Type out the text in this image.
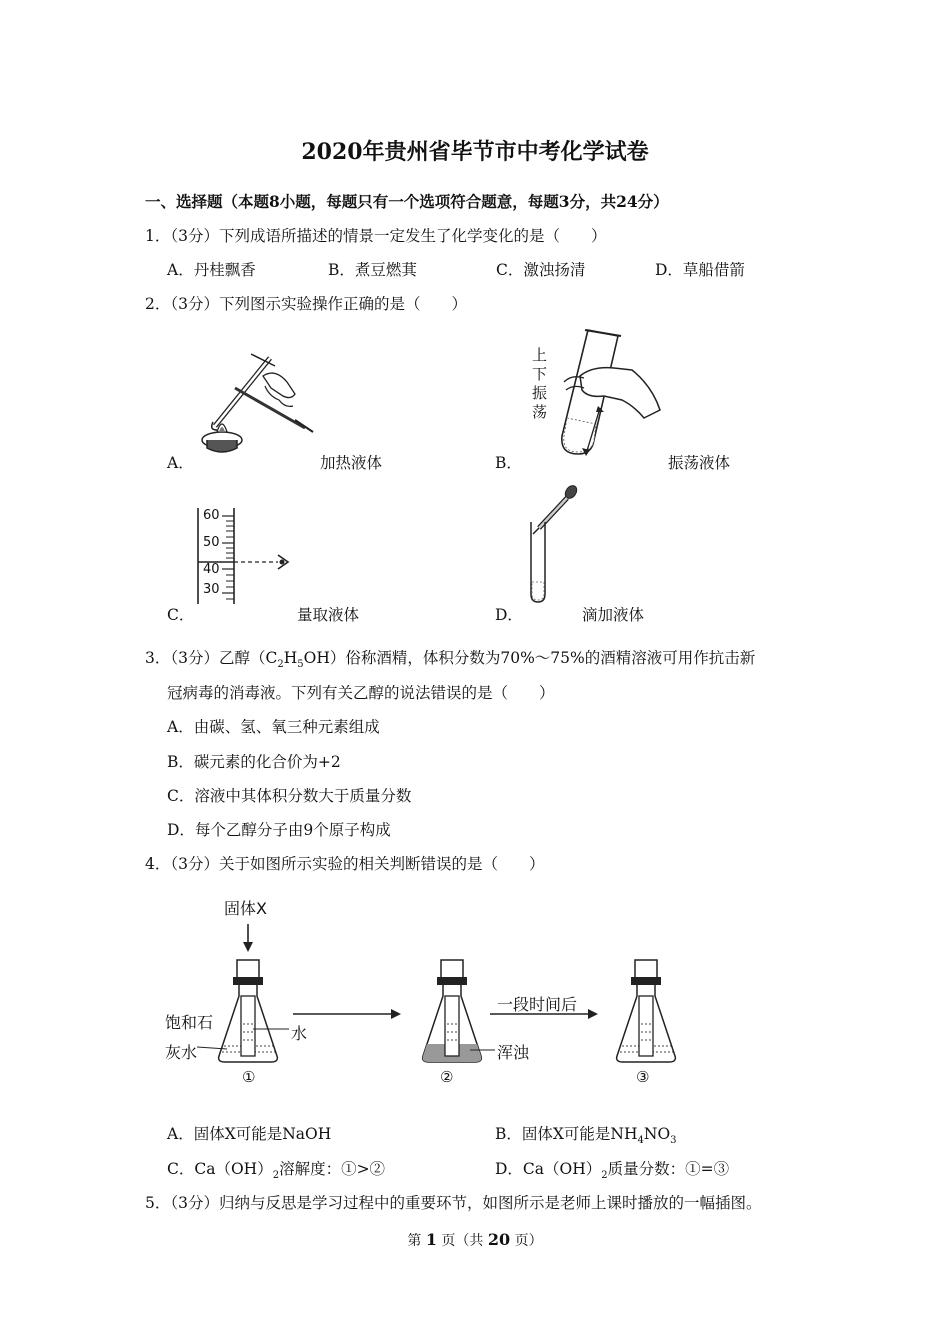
2020年贵州省毕节市中考化学试卷
一、选择题（本题8小题，每题只有一个选项符合题意，每题3分，共24分）
1．（3分）下列成语所描述的情景一定发生了化学变化的是（　　）
A．丹桂飘香	B．煮豆燃萁	C．激浊扬清	D．草船借箭
2．（3分）下列图示实验操作正确的是（　　）
A．	加热液体
上
下
振
荡
B．	振荡液体
60
50
40
30
C．	量取液体	D．	滴加液体
3．（3分）乙醇$(C_2H_5OH)$俗称酒精，体积分数为70%～75%的酒精溶液可用作抗击新
冠病毒的消毒液。下列有关乙醇的说法错误的是（　　）
A．由碳、氢、氧三种元素组成
B．碳元素的化合价为+2
C．溶液中其体积分数大于质量分数
D．每个乙醇分子由9个原子构成
4．（3分）关于如图所示实验的相关判断错误的是（　　）
固体X
饱和石
灰水
水
一段时间后
浑浊
①	②	③
A．固体X可能是NaOH	B．固体X可能是$NH_4NO_3$
C．$Ca(OH)_2$溶解度：①>②	D．$Ca(OH)_2$质量分数：①=③
5．（3分）归纳与反思是学习过程中的重要环节，如图所示是老师上课时播放的一幅插图。
第 1 页（共 20 页）
